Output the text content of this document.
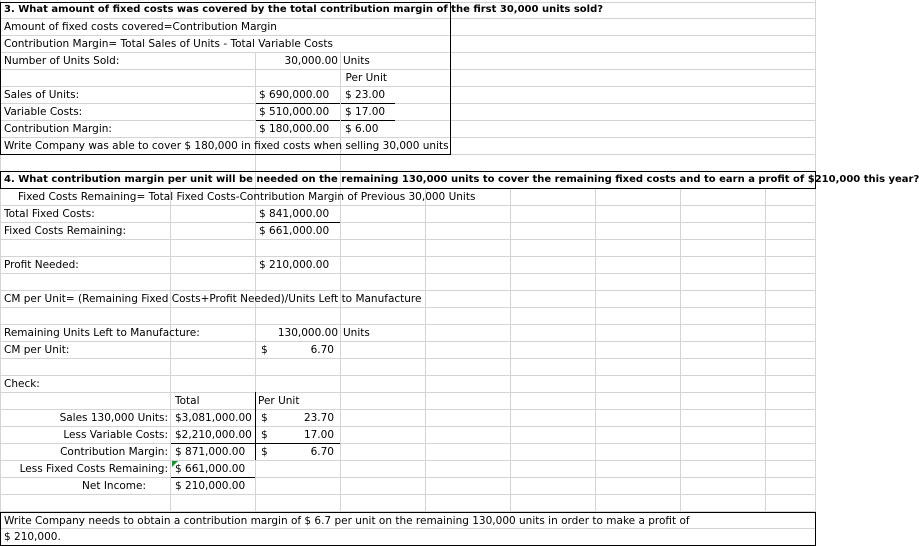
3. What amount of fixed costs was covered by the total contribution margin of the first 30,000 units sold?
Amount of fixed costs covered=Contribution Margin
Contribution Margin= Total Sales of Units - Total Variable Costs
Number of Units Sold:	30,000.00 Units
Per Unit
Sales of Units:	$ 690,000.00 $ 23.00
Variable Costs:	$ 510,000.00 $ 17.00
Contribution Margin:	$ 180,000.00 $ 6.00
Write Company was able to cover $ 180,000 in fixed costs when selling 30,000 units
4. What contribution margin per unit will be needed on the remaining 130,000 units to cover the remaining fixed costs and to earn a profit of $210,000 this year?
Fixed Costs Remaining= Total Fixed Costs-Contribution Margin of Previous 30,000 Units
Total Fixed Costs:	$ 841,000.00
Fixed Costs Remaining:	$ 661,000.00
Profit Needed:	$ 210,000.00
CM per Unit= (Remaining Fixed Costs+Profit Needed)/Units Left to Manufacture
Remaining Units Left to Manufacture:	130,000.00 Units
CM per Unit:	$	6.70
Check:
Total	Per Unit
Sales 130,000 Units: $3,081,000.00 $	23.70
Less Variable Costs: $2,210,000.00 $	17.00
Contribution Margin: $ 871,000.00 $	6.70
Less Fixed Costs Remaining: $ 661,000.00
Net Income:	$ 210,000.00
Write Company needs to obtain a contribution margin of $ 6.7 per unit on the remaining 130,000 units in order to make a profit of
$ 210,000.
